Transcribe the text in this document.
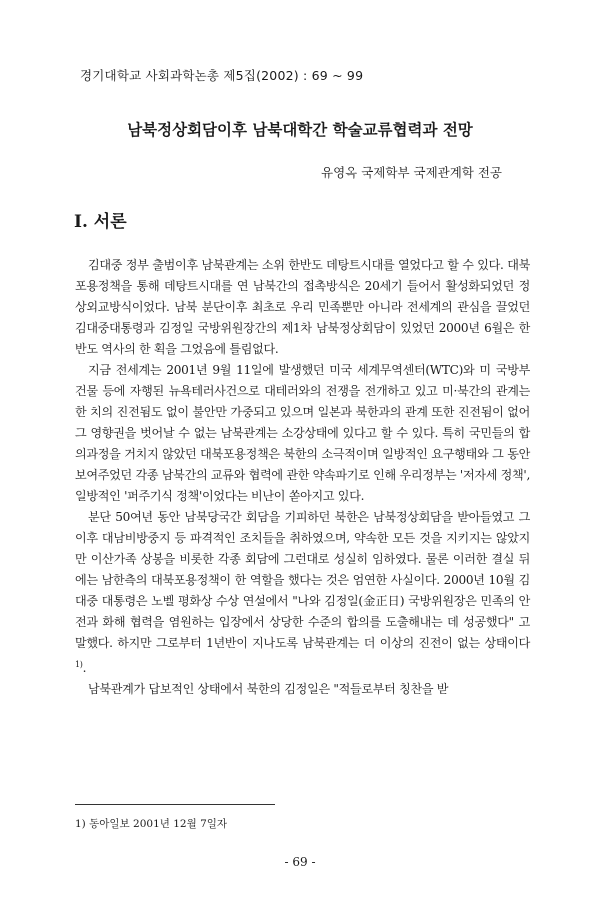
경기대학교 사회과학논총 제5집(2002) : 69 ~ 99
남북정상회담이후 남북대학간 학술교류협력과 전망
유영옥 국제학부 국제관계학 전공
I. 서론

김대중 정부 출범이후 남북관계는 소위 한반도 데탕트시대를 열었다고 할 수 있다. 대북포용정책을 통해 데탕트시대를 연 남북간의 접촉방식은 20세기 들어서 활성화되었던 정상외교방식이었다. 남북 분단이후 최초로 우리 민족뿐만 아니라 전세계의 관심을 끌었던 김대중대통령과 김정일 국방위원장간의 제1차 남북정상회담이 있었던 2000년 6월은 한반도 역사의 한 획을 그었음에 틀림없다.

지금 전세계는 2001년 9월 11일에 발생했던 미국 세계무역센터(WTC)와 미 국방부 건물 등에 자행된 뉴욕테러사건으로 대테러와의 전쟁을 전개하고 있고 미·북간의 관계는 한 치의 진전됨도 없이 불안만 가중되고 있으며 일본과 북한과의 관계 또한 진전됨이 없어 그 영향권을 벗어날 수 없는 남북관계는 소강상태에 있다고 할 수 있다. 특히 국민들의 합의과정을 거치지 않았던 대북포용정책은 북한의 소극적이며 일방적인 요구행태와 그 동안 보여주었던 각종 남북간의 교류와 협력에 관한 약속파기로 인해 우리정부는 '저자세 정책', 일방적인 '퍼주기식 정책'이었다는 비난이 쏟아지고 있다.

분단 50여년 동안 남북당국간 회담을 기피하던 북한은 남북정상회담을 받아들였고 그 이후 대남비방중지 등 파격적인 조치들을 취하였으며, 약속한 모든 것을 지키지는 않았지만 이산가족 상봉을 비롯한 각종 회담에 그런대로 성실히 임하였다. 물론 이러한 결실 뒤에는 남한측의 대북포용정책이 한 역할을 했다는 것은 엄연한 사실이다. 2000년 10월 김대중 대통령은 노벨 평화상 수상 연설에서 "나와 김정일(金正日) 국방위원장은 민족의 안전과 화해 협력을 염원하는 입장에서 상당한 수준의 합의를 도출해내는 데 성공했다" 고 말했다. 하지만 그로부터 1년반이 지나도록 남북관계는 더 이상의 진전이 없는 상태이다$^{1)}$.

남북관계가 답보적인 상태에서 북한의 김정일은 "적들로부터 칭찬을 받

1) 동아일보 2001년 12월 7일자
- 69 -
